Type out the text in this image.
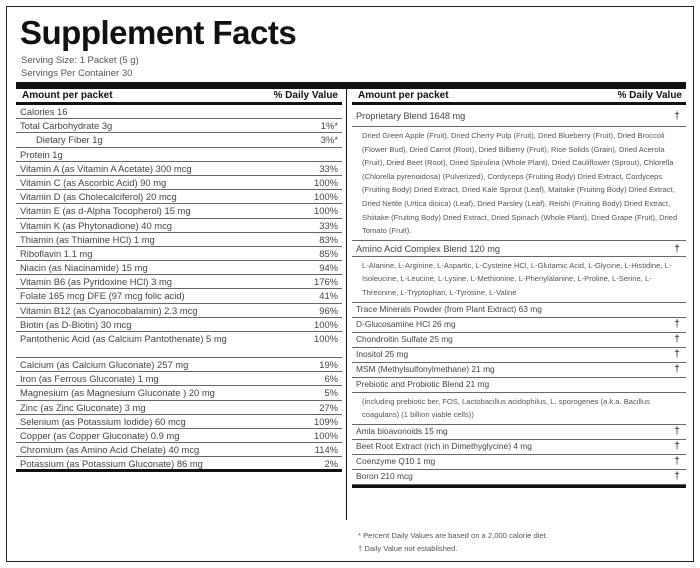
Supplement Facts
Serving Size: 1 Packet (5 g)
Servings Per Container 30
Amount per packet	% Daily Value
Calories 16
Total Carbohydrate 3g	1%*
Dietary Fiber 1g	3%*
Protein 1g
Vitamin A (as Vitamin A Acetate) 300 mcg	33%
Vitamin C (as Ascorbic Acid) 90 mg	100%
Vitamin D (as Cholecalciferol) 20 mcg	100%
Vitamin E (as d-Alpha Tocopherol) 15 mg	100%
Vitamin K (as Phytonadione) 40 mcg	33%
Thiamin (as Thiamine HCl) 1 mg	83%
Riboflavin 1.1 mg	85%
Niacin (as Niacinamide) 15 mg	94%
Vitamin B6 (as Pyridoxine HCl) 3 mg	176%
Folate 165 mcg DFE (97 mcg folic acid)	41%
Vitamin B12 (as Cyanocobalamin) 2.3 mcg	96%
Biotin (as D-Biotin) 30 mcg	100%
Pantothenic Acid (as Calcium Pantothenate) 5 mg	100%
Calcium (as Calcium Gluconate) 257 mg	19%
Iron (as Ferrous Gluconate) 1 mg	6%
Magnesium (as Magnesium Gluconate ) 20 mg	5%
Zinc (as Zinc Gluconate) 3 mg	27%
Selenium (as Potassium Iodide) 60 mcg	109%
Copper (as Copper Gluconate) 0.9 mg	100%
Chromium (as Amino Acid Chelate) 40 mcg	114%
Potassium (as Potassium Gluconate) 86 mg	2%
Amount per packet	% Daily Value
Proprietary Blend 1648 mg	†
Dried Green Apple (Fruit), Dried Cherry Pulp (Fruit), Dried Blueberry (Fruit), Dried Broccoli (Flower Bud), Dried Carrot (Root), Dried Bilberry (Fruit), Rice Solids (Grain), Dried Acerola (Fruit), Dried Beet (Root), Dried Spirulina (Whole Plant), Dried Cauliflower (Sprout), Chlorella (Chlorella pyrenoidosa) (Pulverized), Cordyceps (Fruiting Body) Dried Extract, Cordyceps (Fruiting Body) Dried Extract, Dried Kale Sprout (Leaf), Maitake (Fruiting Body) Dried Extract, Dried Nettle (Urtica dioica) (Leaf), Dried Parsley (Leaf), Reishi (Fruiting Body) Dried Extract, Shiitake (Fruiting Body) Dried Extract, Dried Spinach (Whole Plant), Dried Grape (Fruit), Dried Tomato (Fruit).
Amino Acid Complex Blend 120 mg	†
L-Alanine, L-Arginine, L-Aspartic, L-Cysteine HCl, L-Glutamic Acid, L-Glycine, L-Histidine, L-Isoleucine, L-Leucine, L-Lysine, L-Methionine, L-Phenylalanine, L-Proline, L-Serine, L-Threonine, L-Tryptophan, L-Tyrosine, L-Valine
Trace Minerals Powder (from Plant Extract) 63 mg
D-Glucosamine HCl 26 mg	†
Chondroitin Sulfate 25 mg	†
Inositol 25 mg	†
MSM (Methylsulfonylmethane) 21 mg	†
Prebiotic and Probiotic Blend 21 mg
(including prebiotic ber, FOS, Lactobacillus acidophilus, L. sporogenes (a.k.a. Bacillus coagulans) (1 billion viable cells))
Amla bioavonoids 15 mg	†
Beet Root Extract (rich in Dimethyglycine) 4 mg	†
Coenzyme Q10 1 mg	†
Boron 210 mcg	†
* Percent Daily Values are based on a 2,000 calorie diet.
† Daily Value not established.
